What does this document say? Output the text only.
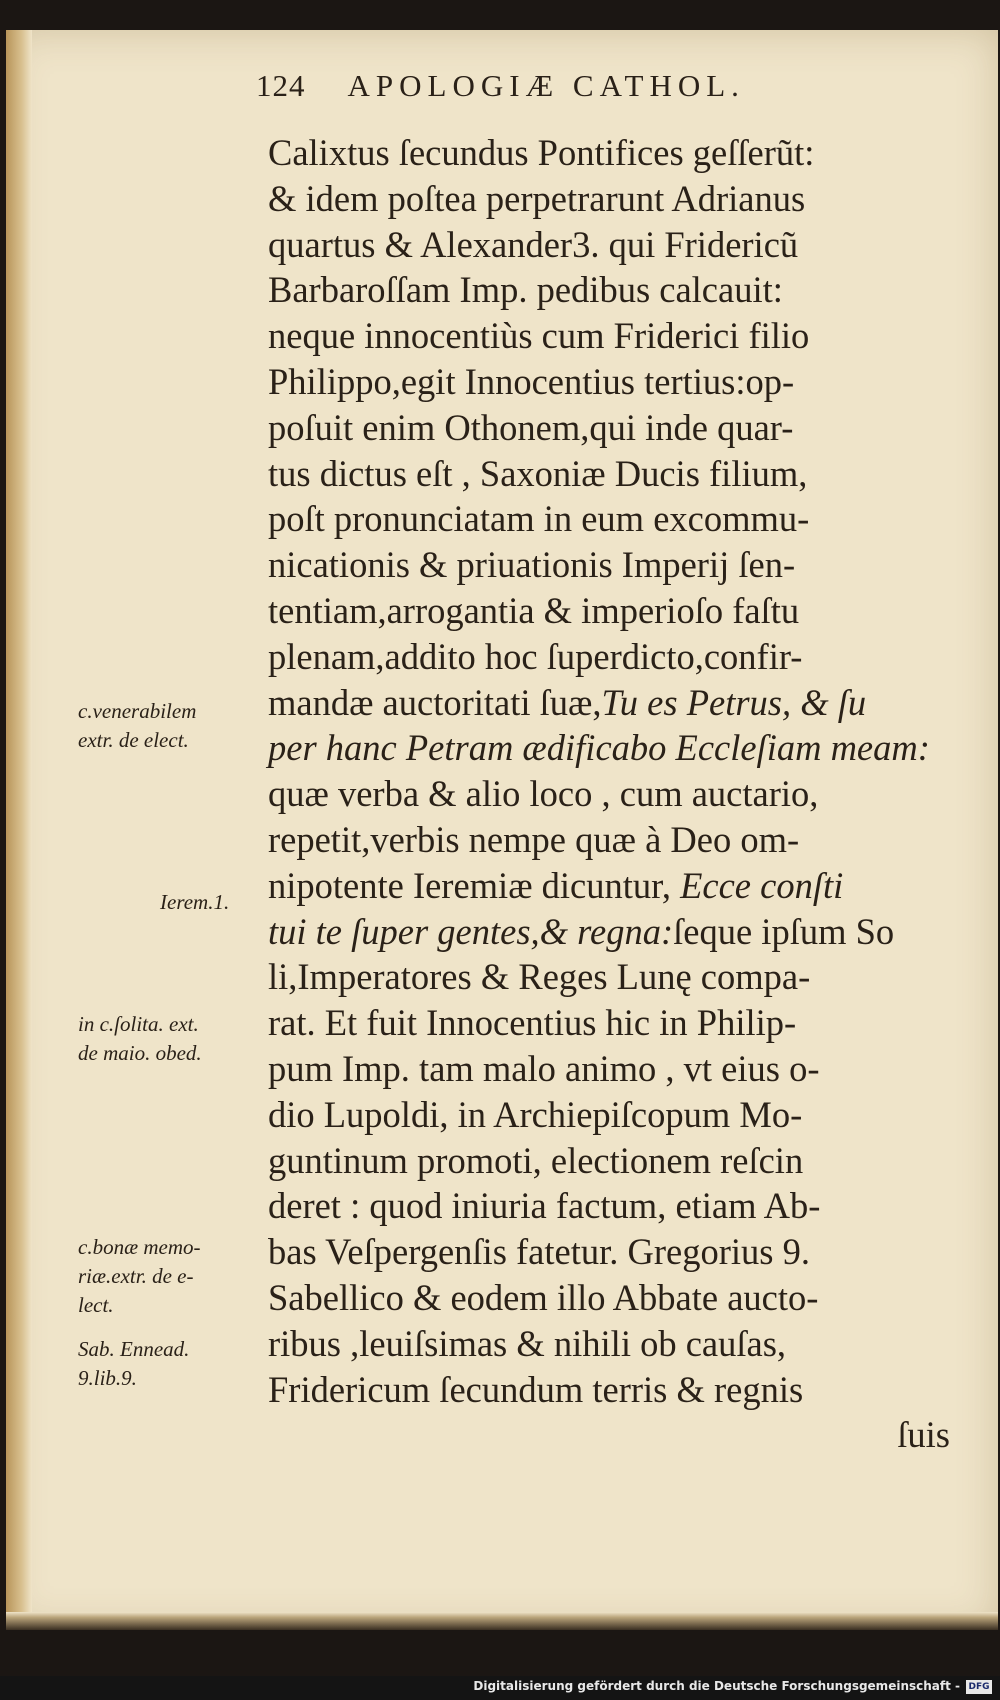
124 APOLOGIÆ CATHOL.
Calixtus ſecundus Pontifices geſſerũt:
& idem poſtea perpetrarunt Adrianus
quartus & Alexander3. qui Fridericũ
Barbaroſſam Imp. pedibus calcauit:
neque innocentiùs cum Friderici filio
Philippo,egit Innocentius tertius:op-
poſuit enim Othonem,qui inde quar-
tus dictus eſt , Saxoniæ Ducis filium,
poſt pronunciatam in eum excommu-
nicationis & priuationis Imperij ſen-
tentiam,arrogantia & imperioſo faſtu
plenam,addito hoc ſuperdicto,confir-
mandæ auctoritati ſuæ,Tu es Petrus, & ſu
per hanc Petram ædificabo Eccleſiam meam:
quæ verba & alio loco , cum auctario,
repetit,verbis nempe quæ à Deo om-
nipotente Ieremiæ dicuntur, Ecce conſti
tui te ſuper gentes,& regna:ſeque ipſum So
li,Imperatores & Reges Lunę compa-
rat. Et fuit Innocentius hic in Philip-
pum Imp. tam malo animo , vt eius o-
dio Lupoldi, in Archiepiſcopum Mo-
guntinum promoti, electionem reſcin
deret : quod iniuria factum, etiam Ab-
bas Veſpergenſis fatetur. Gregorius 9.
Sabellico & eodem illo Abbate aucto-
ribus ,leuiſsimas & nihili ob cauſas,
Fridericum ſecundum terris & regnis
ſuis
c.venerabilem
extr. de elect.
Ierem.1.
in c.ſolita. ext.
de maio. obed.
c.bonæ memo-
riæ.extr. de e-
lect.
Sab. Ennead.
9.lib.9.
Digitalisierung gefördert durch die Deutsche Forschungsgemeinschaft - DFG
